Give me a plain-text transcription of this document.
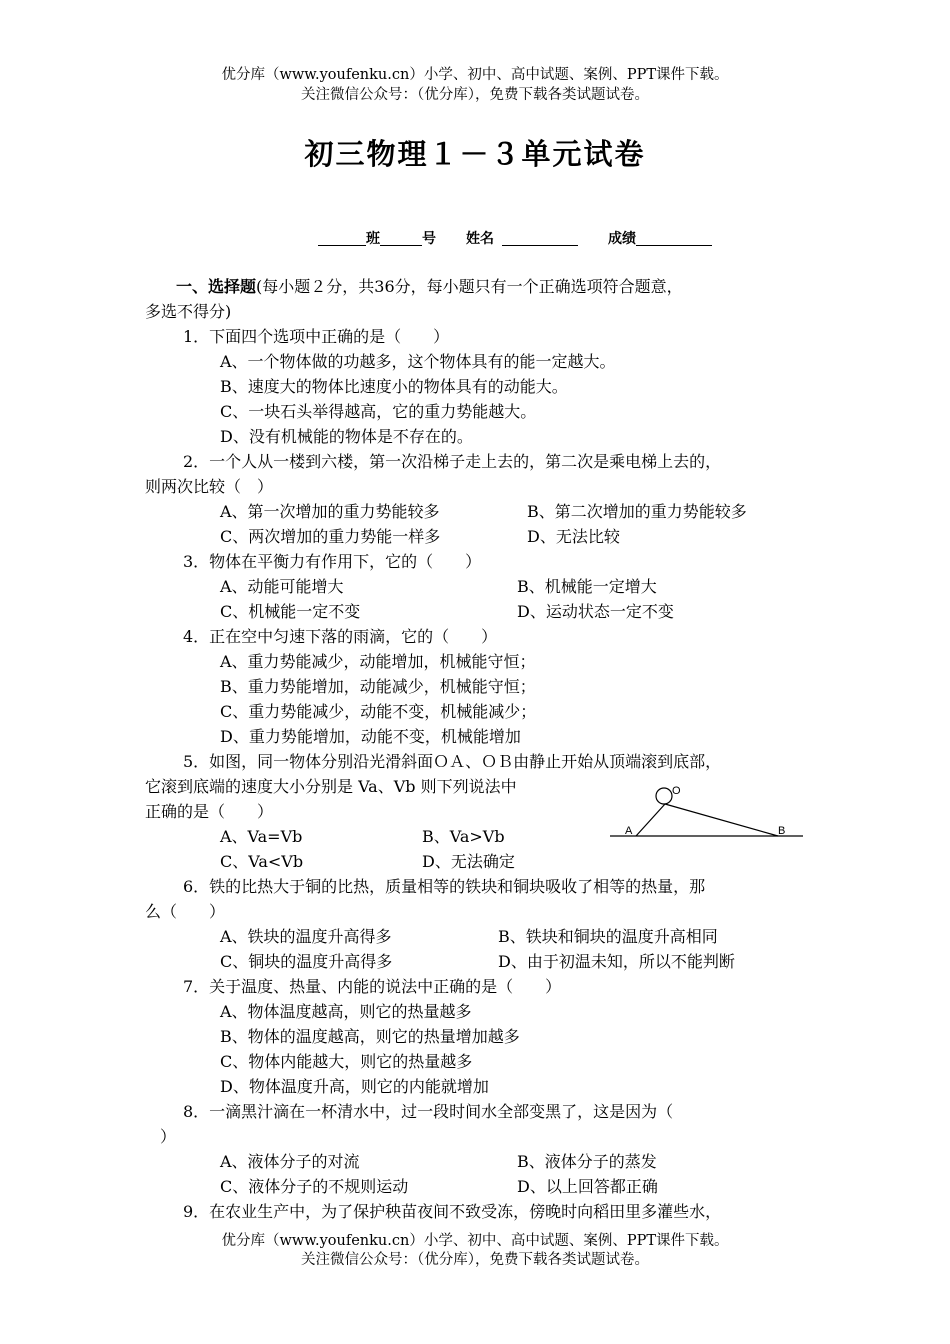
优分库（www.youfenku.cn）小学、初中、高中试题、案例、PPT课件下载。
关注微信公众号：（优分库），免费下载各类试题试卷。
初三物理１－３单元试卷
班	号 姓名	成绩
一、选择题(每小题２分，共36分，每小题只有一个正确选项符合题意，
多选不得分)
1．下面四个选项中正确的是（　　）
A、一个物体做的功越多，这个物体具有的能一定越大。
B、速度大的物体比速度小的物体具有的动能大。
C、一块石头举得越高，它的重力势能越大。
D、没有机械能的物体是不存在的。
2．一个人从一楼到六楼，第一次沿梯子走上去的，第二次是乘电梯上去的，
则两次比较（　）
A、第一次增加的重力势能较多	B、第二次增加的重力势能较多
C、两次增加的重力势能一样多	D、无法比较
3．物体在平衡力有作用下，它的（　　）
A、动能可能增大	B、机械能一定增大
C、机械能一定不变	D、运动状态一定不变
4．正在空中匀速下落的雨滴，它的（　　）
A、重力势能减少，动能增加，机械能守恒；
B、重力势能增加，动能减少，机械能守恒；
C、重力势能减少，动能不变，机械能减少；
D、重力势能增加，动能不变，机械能增加
5．如图，同一物体分别沿光滑斜面ＯＡ、ＯＢ由静止开始从顶端滚到底部，
它滚到底端的速度大小分别是 Va、Vb 则下列说法中
正确的是（　　）
A、Va=Vb	B、Va>Vb
C、Va<Vb	D、无法确定
O
A	B
6．铁的比热大于铜的比热，质量相等的铁块和铜块吸收了相等的热量，那
么（　　）
A、铁块的温度升高得多	B、铁块和铜块的温度升高相同
C、铜块的温度升高得多	D、由于初温未知，所以不能判断
7．关于温度、热量、内能的说法中正确的是（　　）
A、物体温度越高，则它的热量越多
B、物体的温度越高，则它的热量增加越多
C、物体内能越大，则它的热量越多
D、物体温度升高，则它的内能就增加
8．一滴黑汁滴在一杯清水中，过一段时间水全部变黑了，这是因为（
）
A、液体分子的对流	B、液体分子的蒸发
C、液体分子的不规则运动	D、以上回答都正确
9．在农业生产中，为了保护秧苗夜间不致受冻，傍晚时向稻田里多灌些水，
优分库（www.youfenku.cn）小学、初中、高中试题、案例、PPT课件下载。
关注微信公众号：（优分库），免费下载各类试题试卷。
